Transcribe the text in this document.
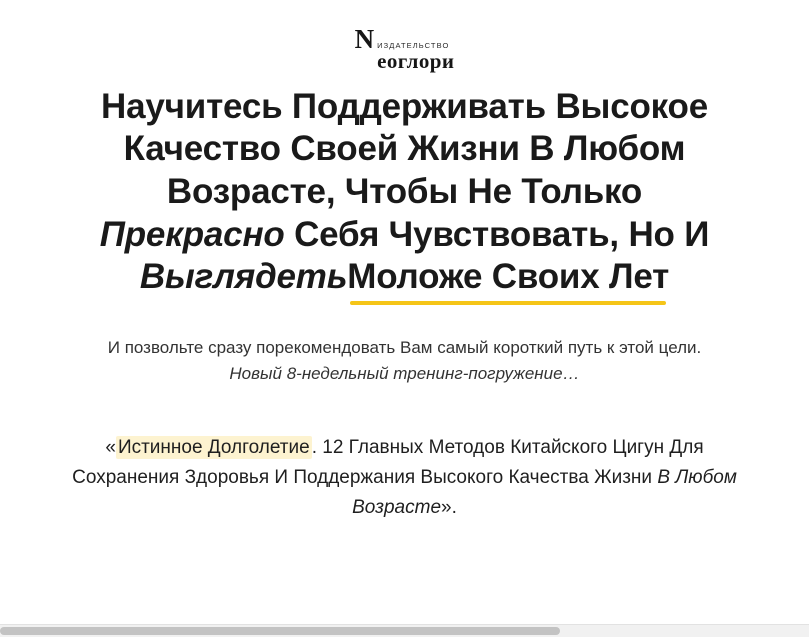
N ИЗДАТЕЛЬСТВО
еоглори
Научитесь Поддерживать Высокое
Качество Своей Жизни В Любом
Возрасте, Чтобы Не Только
Прекрасно Себя Чувствовать, Но И
ВыглядетьМоложе Своих Лет

И позвольте сразу порекомендовать Вам самый короткий путь к этой цели. Новый 8-недельный тренинг-погружение…

« Истинное Долголетие . 12 Главных Методов Китайского Цигун Для Сохранения Здоровья И Поддержания Высокого Качества Жизни В Любом Возрасте».
